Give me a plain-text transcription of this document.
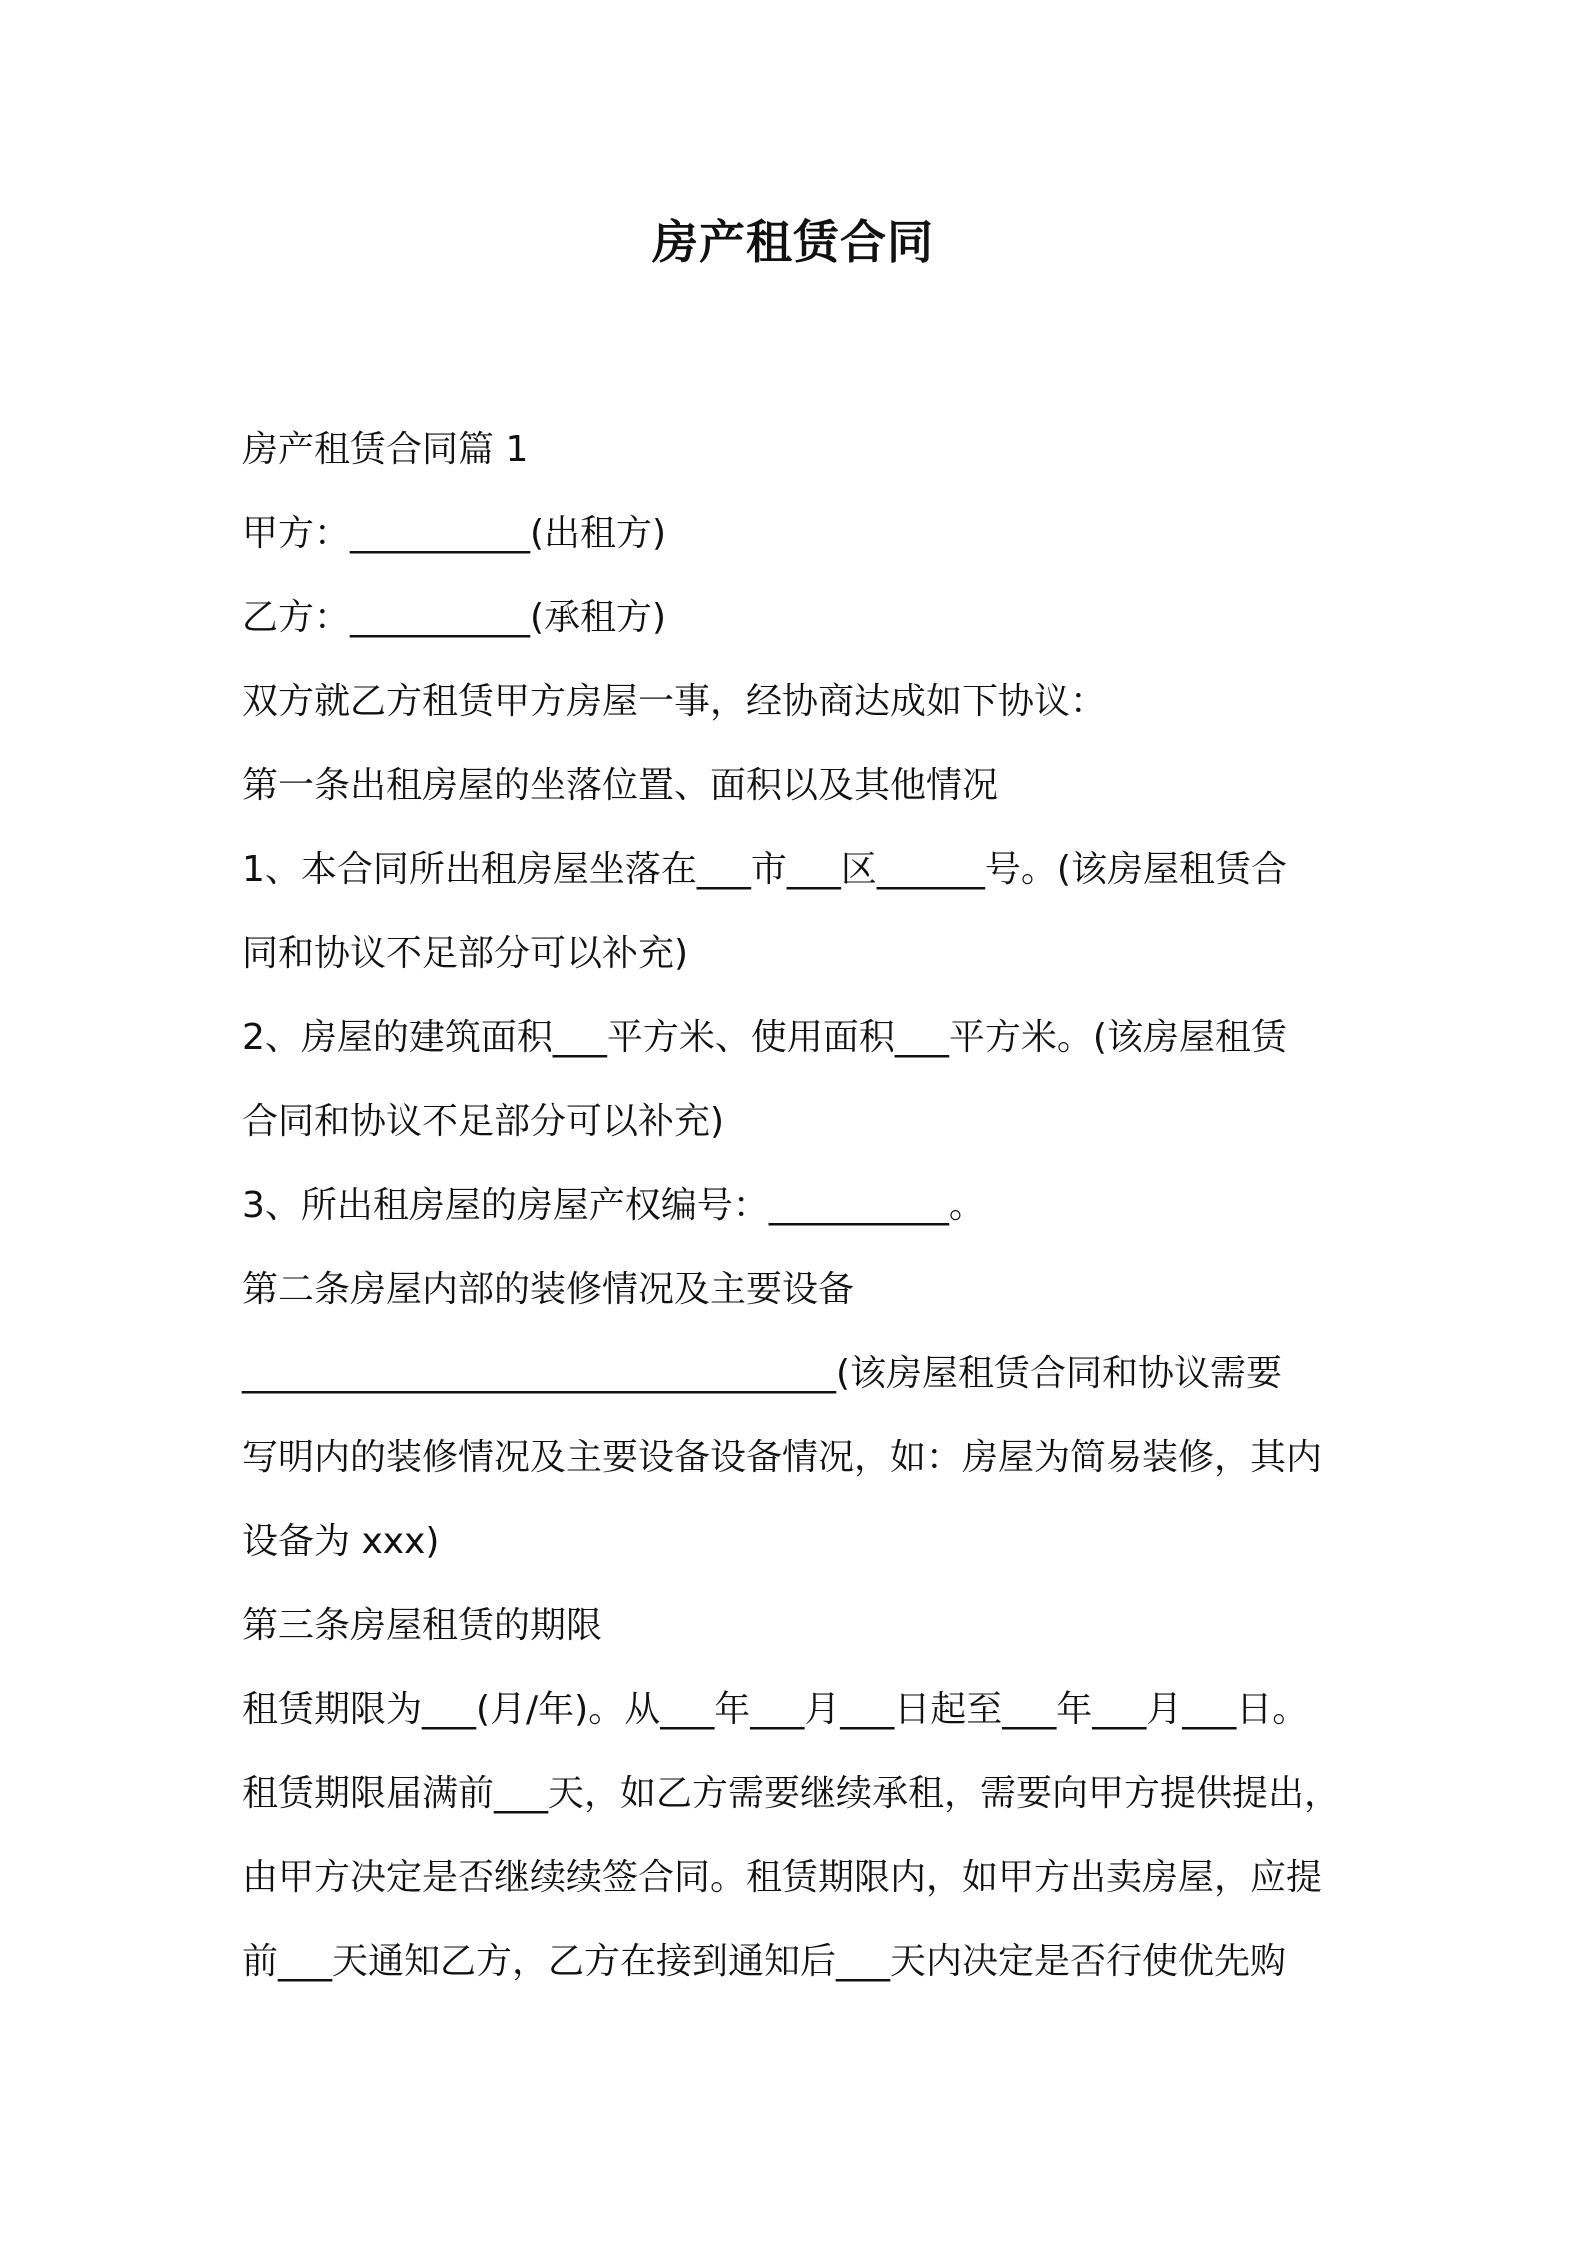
房产租赁合同

房产租赁合同篇 1

甲方：__________(出租方)

乙方：__________(承租方)

双方就乙方租赁甲方房屋一事，经协商达成如下协议：

第一条出租房屋的坐落位置、面积以及其他情况

1、本合同所出租房屋坐落在___市___区______号。(该房屋租赁合

同和协议不足部分可以补充)

2、房屋的建筑面积___平方米、使用面积___平方米。(该房屋租赁

合同和协议不足部分可以补充)

3、所出租房屋的房屋产权编号：__________。

第二条房屋内部的装修情况及主要设备

_________________________________(该房屋租赁合同和协议需要

写明内的装修情况及主要设备设备情况，如：房屋为简易装修，其内

设备为 xxx)

第三条房屋租赁的期限

租赁期限为___(月/年)。从___年___月___日起至___年___月___日。

租赁期限届满前___天，如乙方需要继续承租，需要向甲方提供提出，

由甲方决定是否继续续签合同。租赁期限内，如甲方出卖房屋，应提

前___天通知乙方，乙方在接到通知后___天内决定是否行使优先购
